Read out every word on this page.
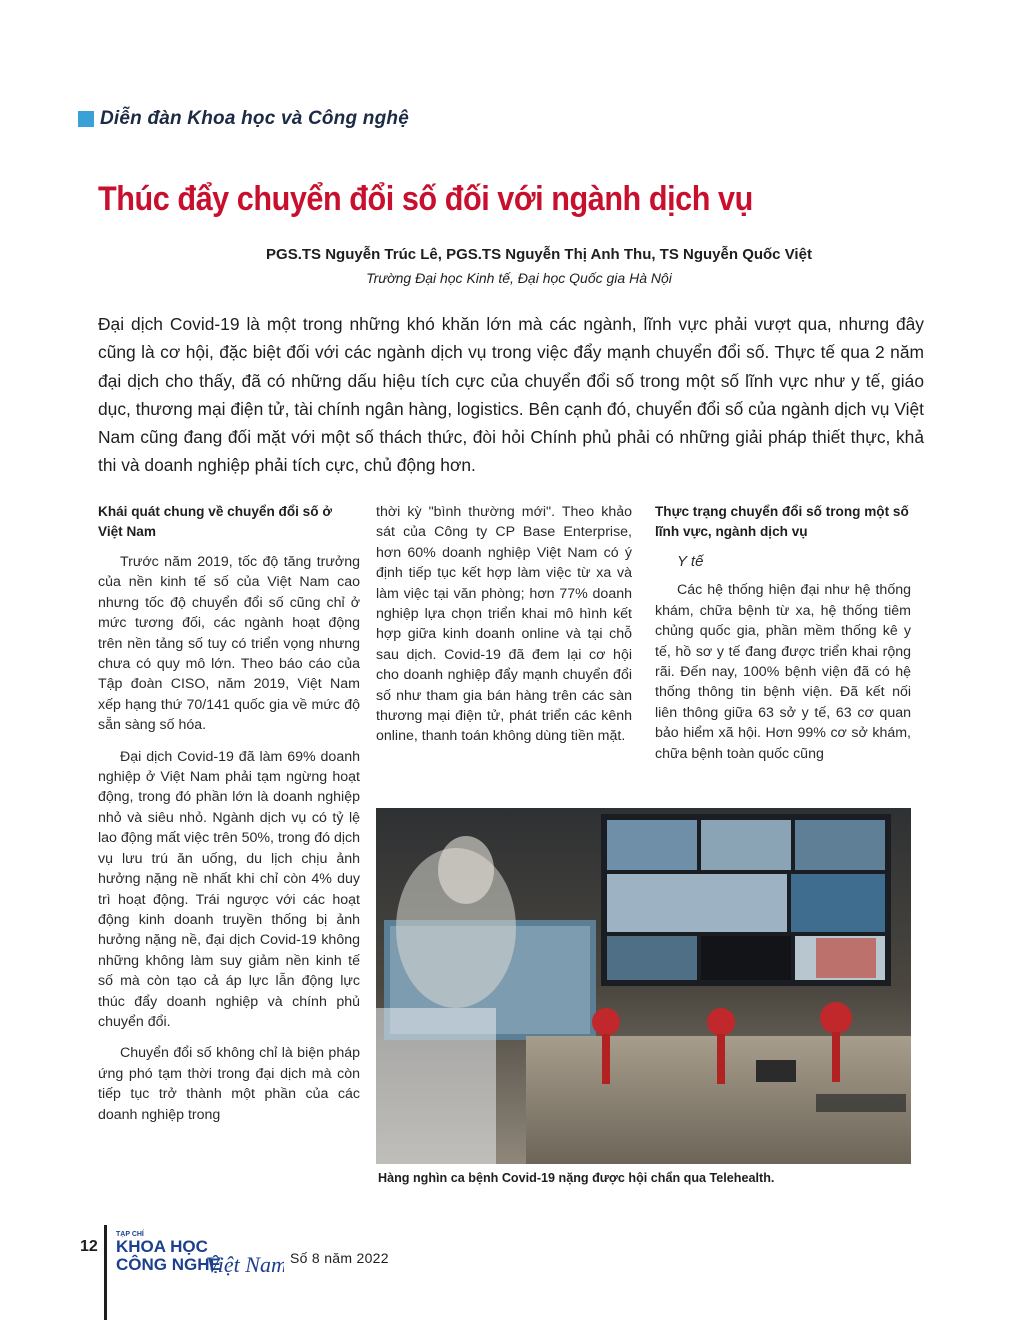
Diễn đàn Khoa học và Công nghệ
Thúc đẩy chuyển đổi số đối với ngành dịch vụ
PGS.TS Nguyễn Trúc Lê, PGS.TS Nguyễn Thị Anh Thu, TS Nguyễn Quốc Việt
Trường Đại học Kinh tế, Đại học Quốc gia Hà Nội
Đại dịch Covid-19 là một trong những khó khăn lớn mà các ngành, lĩnh vực phải vượt qua, nhưng đây cũng là cơ hội, đặc biệt đối với các ngành dịch vụ trong việc đẩy mạnh chuyển đổi số. Thực tế qua 2 năm đại dịch cho thấy, đã có những dấu hiệu tích cực của chuyển đổi số trong một số lĩnh vực như y tế, giáo dục, thương mại điện tử, tài chính ngân hàng, logistics. Bên cạnh đó, chuyển đổi số của ngành dịch vụ Việt Nam cũng đang đối mặt với một số thách thức, đòi hỏi Chính phủ phải có những giải pháp thiết thực, khả thi và doanh nghiệp phải tích cực, chủ động hơn.
Khái quát chung về chuyển đổi số ở Việt Nam

Trước năm 2019, tốc độ tăng trưởng của nền kinh tế số của Việt Nam cao nhưng tốc độ chuyển đổi số cũng chỉ ở mức tương đối, các ngành hoạt động trên nền tảng số tuy có triển vọng nhưng chưa có quy mô lớn. Theo báo cáo của Tập đoàn CISO, năm 2019, Việt Nam xếp hạng thứ 70/141 quốc gia về mức độ sẵn sàng số hóa.

Đại dịch Covid-19 đã làm 69% doanh nghiệp ở Việt Nam phải tạm ngừng hoạt động, trong đó phần lớn là doanh nghiệp nhỏ và siêu nhỏ. Ngành dịch vụ có tỷ lệ lao động mất việc trên 50%, trong đó dịch vụ lưu trú ăn uống, du lịch chịu ảnh hưởng nặng nề nhất khi chỉ còn 4% duy trì hoạt động. Trái ngược với các hoạt động kinh doanh truyền thống bị ảnh hưởng nặng nề, đại dịch Covid-19 không những không làm suy giảm nền kinh tế số mà còn tạo cả áp lực lẫn động lực thúc đẩy doanh nghiệp và chính phủ chuyển đổi.

Chuyển đổi số không chỉ là biện pháp ứng phó tạm thời trong đại dịch mà còn tiếp tục trở thành một phần của các doanh nghiệp trong

thời kỳ "bình thường mới". Theo khảo sát của Công ty CP Base Enterprise, hơn 60% doanh nghiệp Việt Nam có ý định tiếp tục kết hợp làm việc từ xa và làm việc tại văn phòng; hơn 77% doanh nghiệp lựa chọn triển khai mô hình kết hợp giữa kinh doanh online và tại chỗ sau dịch. Covid-19 đã đem lại cơ hội cho doanh nghiệp đẩy mạnh chuyển đổi số như tham gia bán hàng trên các sàn thương mại điện tử, phát triển các kênh online, thanh toán không dùng tiền mặt.

Thực trạng chuyển đổi số trong một số lĩnh vực, ngành dịch vụ
Y tế

Các hệ thống hiện đại như hệ thống khám, chữa bệnh từ xa, hệ thống tiêm chủng quốc gia, phần mềm thống kê y tế, hồ sơ y tế đang được triển khai rộng rãi. Đến nay, 100% bệnh viện đã có hệ thống thông tin bệnh viện. Đã kết nối liên thông giữa 63 sở y tế, 63 cơ quan bảo hiểm xã hội. Hơn 99% cơ sở khám, chữa bệnh toàn quốc cũng

Hàng nghìn ca bệnh Covid-19 nặng được hội chẩn qua Telehealth.
12
TẠP CHÍ
KHOA HỌC
CÔNG NGHỆ
Việt Nam Số 8 năm 2022
